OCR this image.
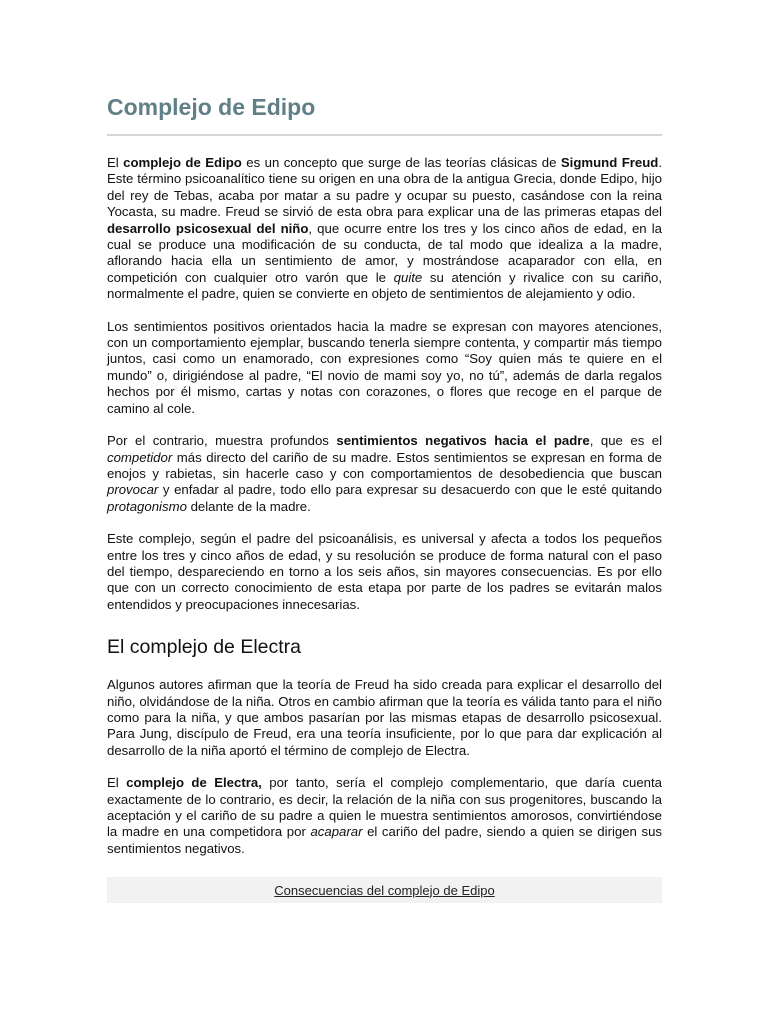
Complejo de Edipo

El complejo de Edipo es un concepto que surge de las teorías clásicas de Sigmund Freud. Este término psicoanalítico tiene su origen en una obra de la antigua Grecia, donde Edipo, hijo del rey de Tebas, acaba por matar a su padre y ocupar su puesto, casándose con la reina Yocasta, su madre. Freud se sirvió de esta obra para explicar una de las primeras etapas del desarrollo psicosexual del niño, que ocurre entre los tres y los cinco años de edad, en la cual se produce una modificación de su conducta, de tal modo que idealiza a la madre, aflorando hacia ella un sentimiento de amor, y mostrándose acaparador con ella, en competición con cualquier otro varón que le quite su atención y rivalice con su cariño, normalmente el padre, quien se convierte en objeto de sentimientos de alejamiento y odio.

Los sentimientos positivos orientados hacia la madre se expresan con mayores atenciones, con un comportamiento ejemplar, buscando tenerla siempre contenta, y compartir más tiempo juntos, casi como un enamorado, con expresiones como “Soy quien más te quiere en el mundo” o, dirigiéndose al padre, “El novio de mami soy yo, no tú”, además de darla regalos hechos por él mismo, cartas y notas con corazones, o flores que recoge en el parque de camino al cole.

Por el contrario, muestra profundos sentimientos negativos hacia el padre, que es el competidor más directo del cariño de su madre. Estos sentimientos se expresan en forma de enojos y rabietas, sin hacerle caso y con comportamientos de desobediencia que buscan provocar y enfadar al padre, todo ello para expresar su desacuerdo con que le esté quitando protagonismo delante de la madre.

Este complejo, según el padre del psicoanálisis, es universal y afecta a todos los pequeños entre los tres y cinco años de edad, y su resolución se produce de forma natural con el paso del tiempo, despareciendo en torno a los seis años, sin mayores consecuencias. Es por ello que con un correcto conocimiento de esta etapa por parte de los padres se evitarán malos entendidos y preocupaciones innecesarias.

El complejo de Electra

Algunos autores afirman que la teoría de Freud ha sido creada para explicar el desarrollo del niño, olvidándose de la niña. Otros en cambio afirman que la teoría es válida tanto para el niño como para la niña, y que ambos pasarían por las mismas etapas de desarrollo psicosexual. Para Jung, discípulo de Freud, era una teoría insuficiente, por lo que para dar explicación al desarrollo de la niña aportó el término de complejo de Electra.

El complejo de Electra, por tanto, sería el complejo complementario, que daría cuenta exactamente de lo contrario, es decir, la relación de la niña con sus progenitores, buscando la aceptación y el cariño de su padre a quien le muestra sentimientos amorosos, convirtiéndose la madre en una competidora por acaparar el cariño del padre, siendo a quien se dirigen sus sentimientos negativos.

Consecuencias del complejo de Edipo
